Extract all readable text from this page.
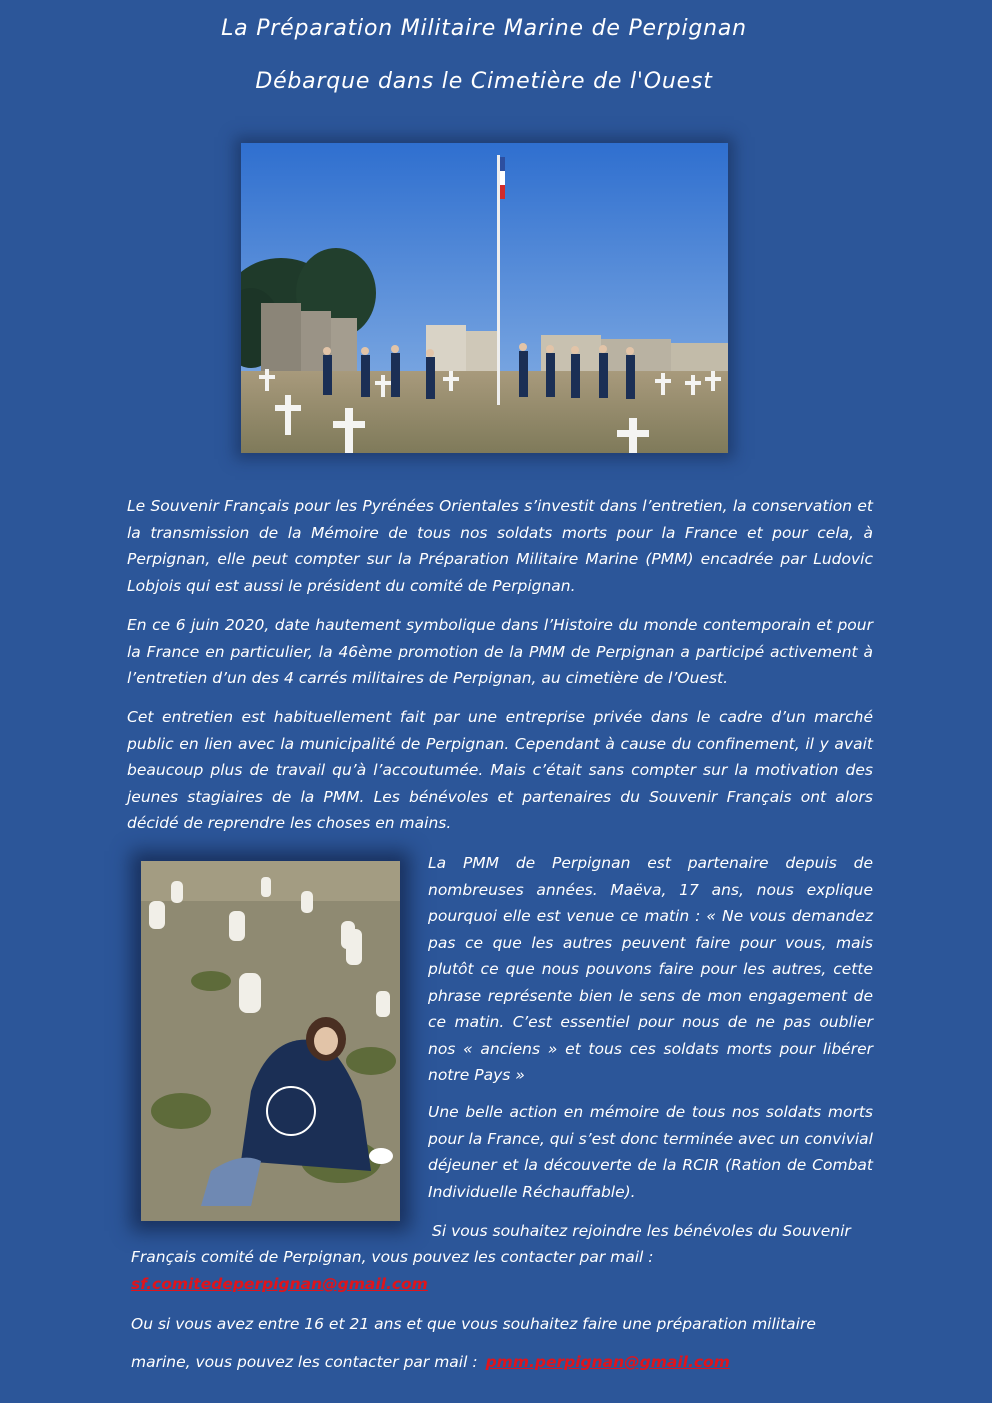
La Préparation Militaire Marine de Perpignan
Débarque dans le Cimetière de l'Ouest

Le Souvenir Français pour les Pyrénées Orientales s’investit dans l’entretien, la conservation et la transmission de la Mémoire de tous nos soldats morts pour la France et pour cela, à Perpignan, elle peut compter sur la Préparation Militaire Marine (PMM) encadrée par Ludovic Lobjois qui est aussi le président du comité de Perpignan.

En ce 6 juin 2020, date hautement symbolique dans l’Histoire du monde contemporain et pour la France en particulier, la 46ème promotion de la PMM de Perpignan a participé activement à l’entretien d’un des 4 carrés militaires de Perpignan, au cimetière de l’Ouest.

Cet entretien est habituellement fait par une entreprise privée dans le cadre d’un marché public en lien avec la municipalité de Perpignan. Cependant à cause du confinement, il y avait beaucoup plus de travail qu’à l’accoutumée. Mais c’était sans compter sur la motivation des jeunes stagiaires de la PMM. Les bénévoles et partenaires du Souvenir Français ont alors décidé de reprendre les choses en mains.

La PMM de Perpignan est partenaire depuis de nombreuses années. Maëva, 17 ans, nous explique pourquoi elle est venue ce matin : « Ne vous demandez pas ce que les autres peuvent faire pour vous, mais plutôt ce que nous pouvons faire pour les autres, cette phrase représente bien le sens de mon engagement de ce matin. C’est essentiel pour nous de ne pas oublier nos « anciens » et tous ces soldats morts pour libérer notre Pays »

Une belle action en mémoire de tous nos soldats morts pour la France, qui s’est donc terminée avec un convivial déjeuner et la découverte de la RCIR (Ration de Combat Individuelle Réchauffable).

Si vous souhaitez rejoindre les bénévoles du Souvenir

Français comité de Perpignan, vous pouvez les contacter par mail :

sf.comitedeperpignan@gmail.com

Ou si vous avez entre 16 et 21 ans et que vous souhaitez faire une préparation militaire

marine, vous pouvez les contacter par mail : pmm.perpignan@gmail.com
